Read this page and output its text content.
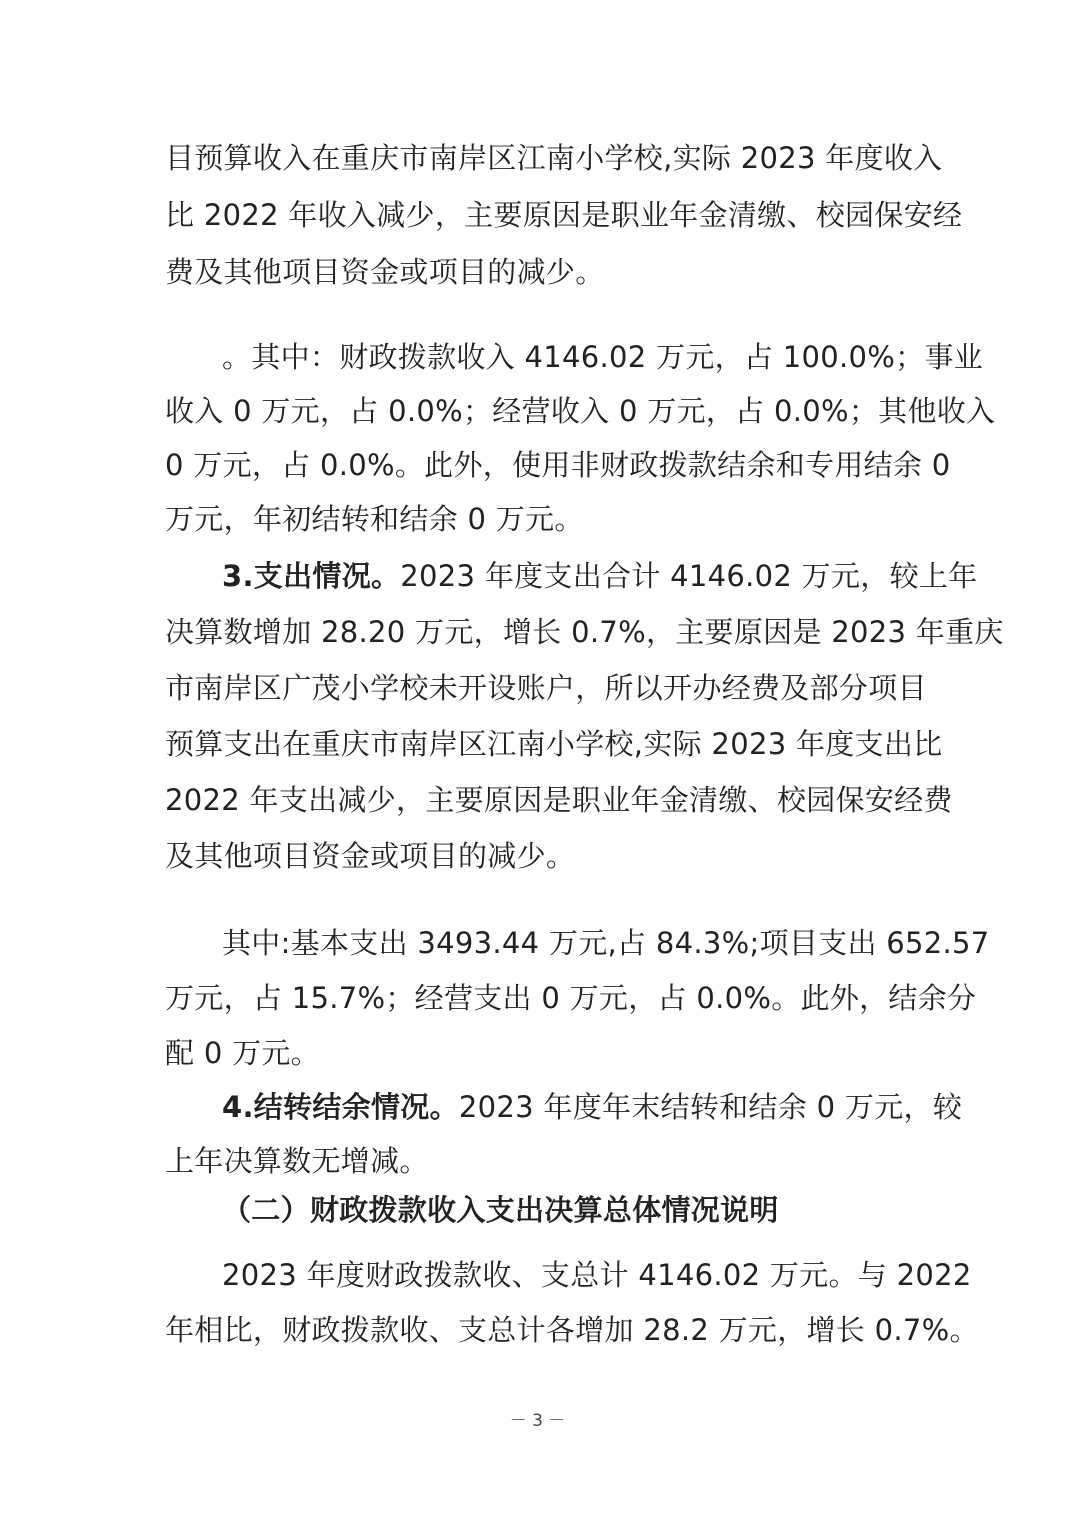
目预算收入在重庆市南岸区江南小学校,实际 2023 年度收入
比 2022 年收入减少，主要原因是职业年金清缴、校园保安经
费及其他项目资金或项目的减少。
。其中：财政拨款收入 4146.02 万元，占 100.0%；事业
收入 0 万元，占 0.0%；经营收入 0 万元，占 0.0%；其他收入
0 万元，占 0.0%。此外，使用非财政拨款结余和专用结余 0
万元，年初结转和结余 0 万元。
3.支出情况。2023 年度支出合计 4146.02 万元，较上年
决算数增加 28.20 万元，增长 0.7%，主要原因是 2023 年重庆
市南岸区广茂小学校未开设账户，所以开办经费及部分项目
预算支出在重庆市南岸区江南小学校,实际 2023 年度支出比
2022 年支出减少，主要原因是职业年金清缴、校园保安经费
及其他项目资金或项目的减少。
其中:基本支出 3493.44 万元,占 84.3%;项目支出 652.57
万元，占 15.7%；经营支出 0 万元，占 0.0%。此外，结余分
配 0 万元。
4.结转结余情况。2023 年度年末结转和结余 0 万元，较
上年决算数无增减。
（二）财政拨款收入支出决算总体情况说明
2023 年度财政拨款收、支总计 4146.02 万元。与 2022
年相比，财政拨款收、支总计各增加 28.2 万元，增长 0.7%。
－ 3 －
